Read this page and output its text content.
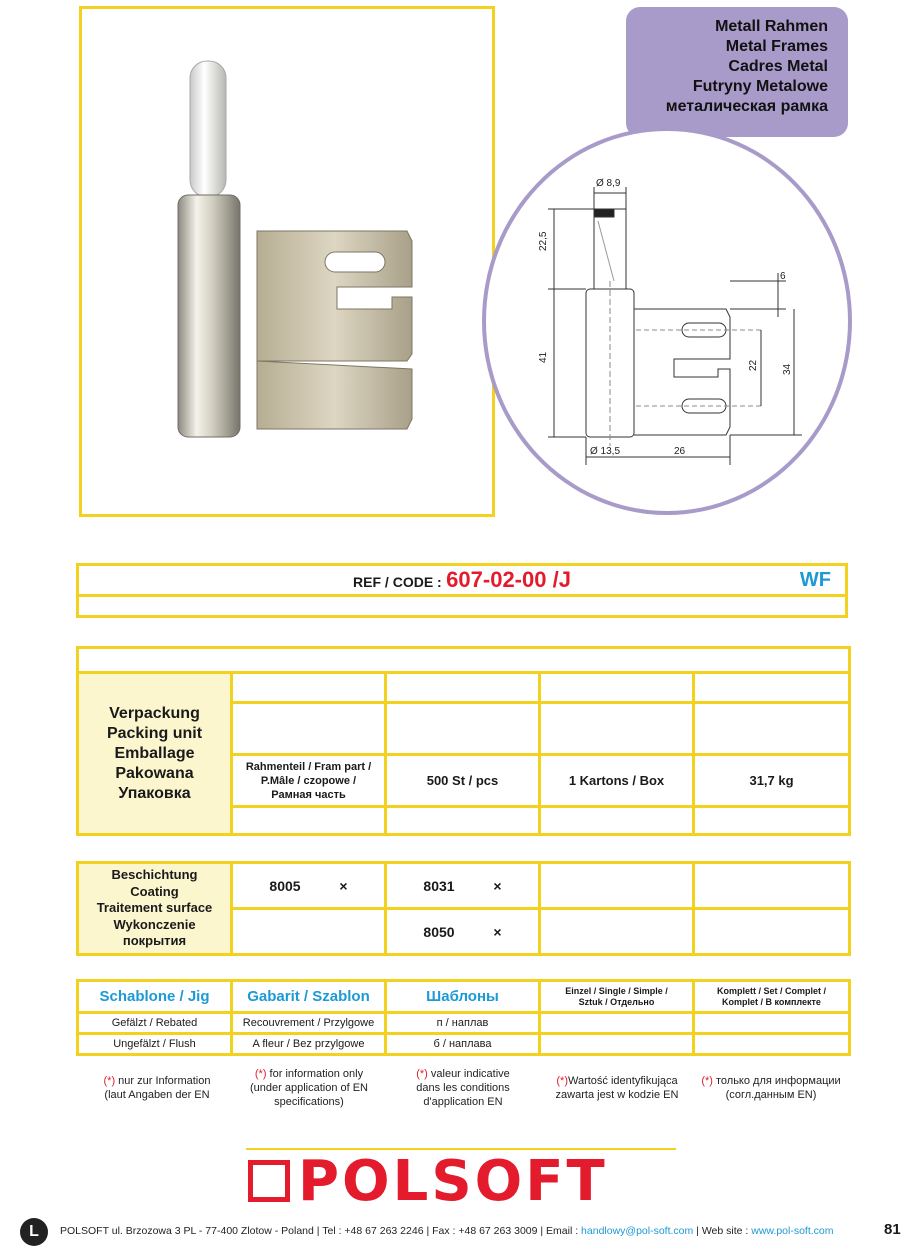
Metall Rahmen
Metal Frames
Cadres Metal
Futryny Metalowe
металическая рамка
Ø 8,9
22,5
6
41
22 34
Ø 13,5	26
REF / CODE : 607-02-00 /J	WF

Verpackung
Packing unit
Emballage
Pakowana
Упаковка				

	Rahmenteil / Fram part / P.Mâle / czopowe / Рамная часть	500 St / pcs	1 Kartons / Box	31,7 kg

Beschichtung
Coating
Traitement surface
Wykonczenie
покрытия	8005 ×	8031 ×		
		8050 ×		
Schablone / Jig	Gabarit / Szablon	Шаблоны	Einzel / Single / Simple / Sztuk / Отдельно	Komplett / Set / Complet / Komplet / В комплекте
Gefälzt / Rebated	Recouvrement / Przylgowe	п / наплав		
Ungefälzt / Flush	A fleur / Bez przylgowe	б / наплава		
(*) nur zur Information
(laut Angaben der EN
(*) for information only
(under application of EN
specifications)
(*) valeur indicative
dans les conditions
d'application EN
(*)Wartość identyfikująca
zawarta jest w kodzie EN
(*) только для информации
(согл.данным EN)
POLSOFT
L	POLSOFT ul. Brzozowa 3 PL - 77-400 Zlotow - Poland | Tel : +48 67 263 2246 | Fax : +48 67 263 3009 | Email : handlowy@pol-soft.com | Web site : www.pol-soft.com	81
